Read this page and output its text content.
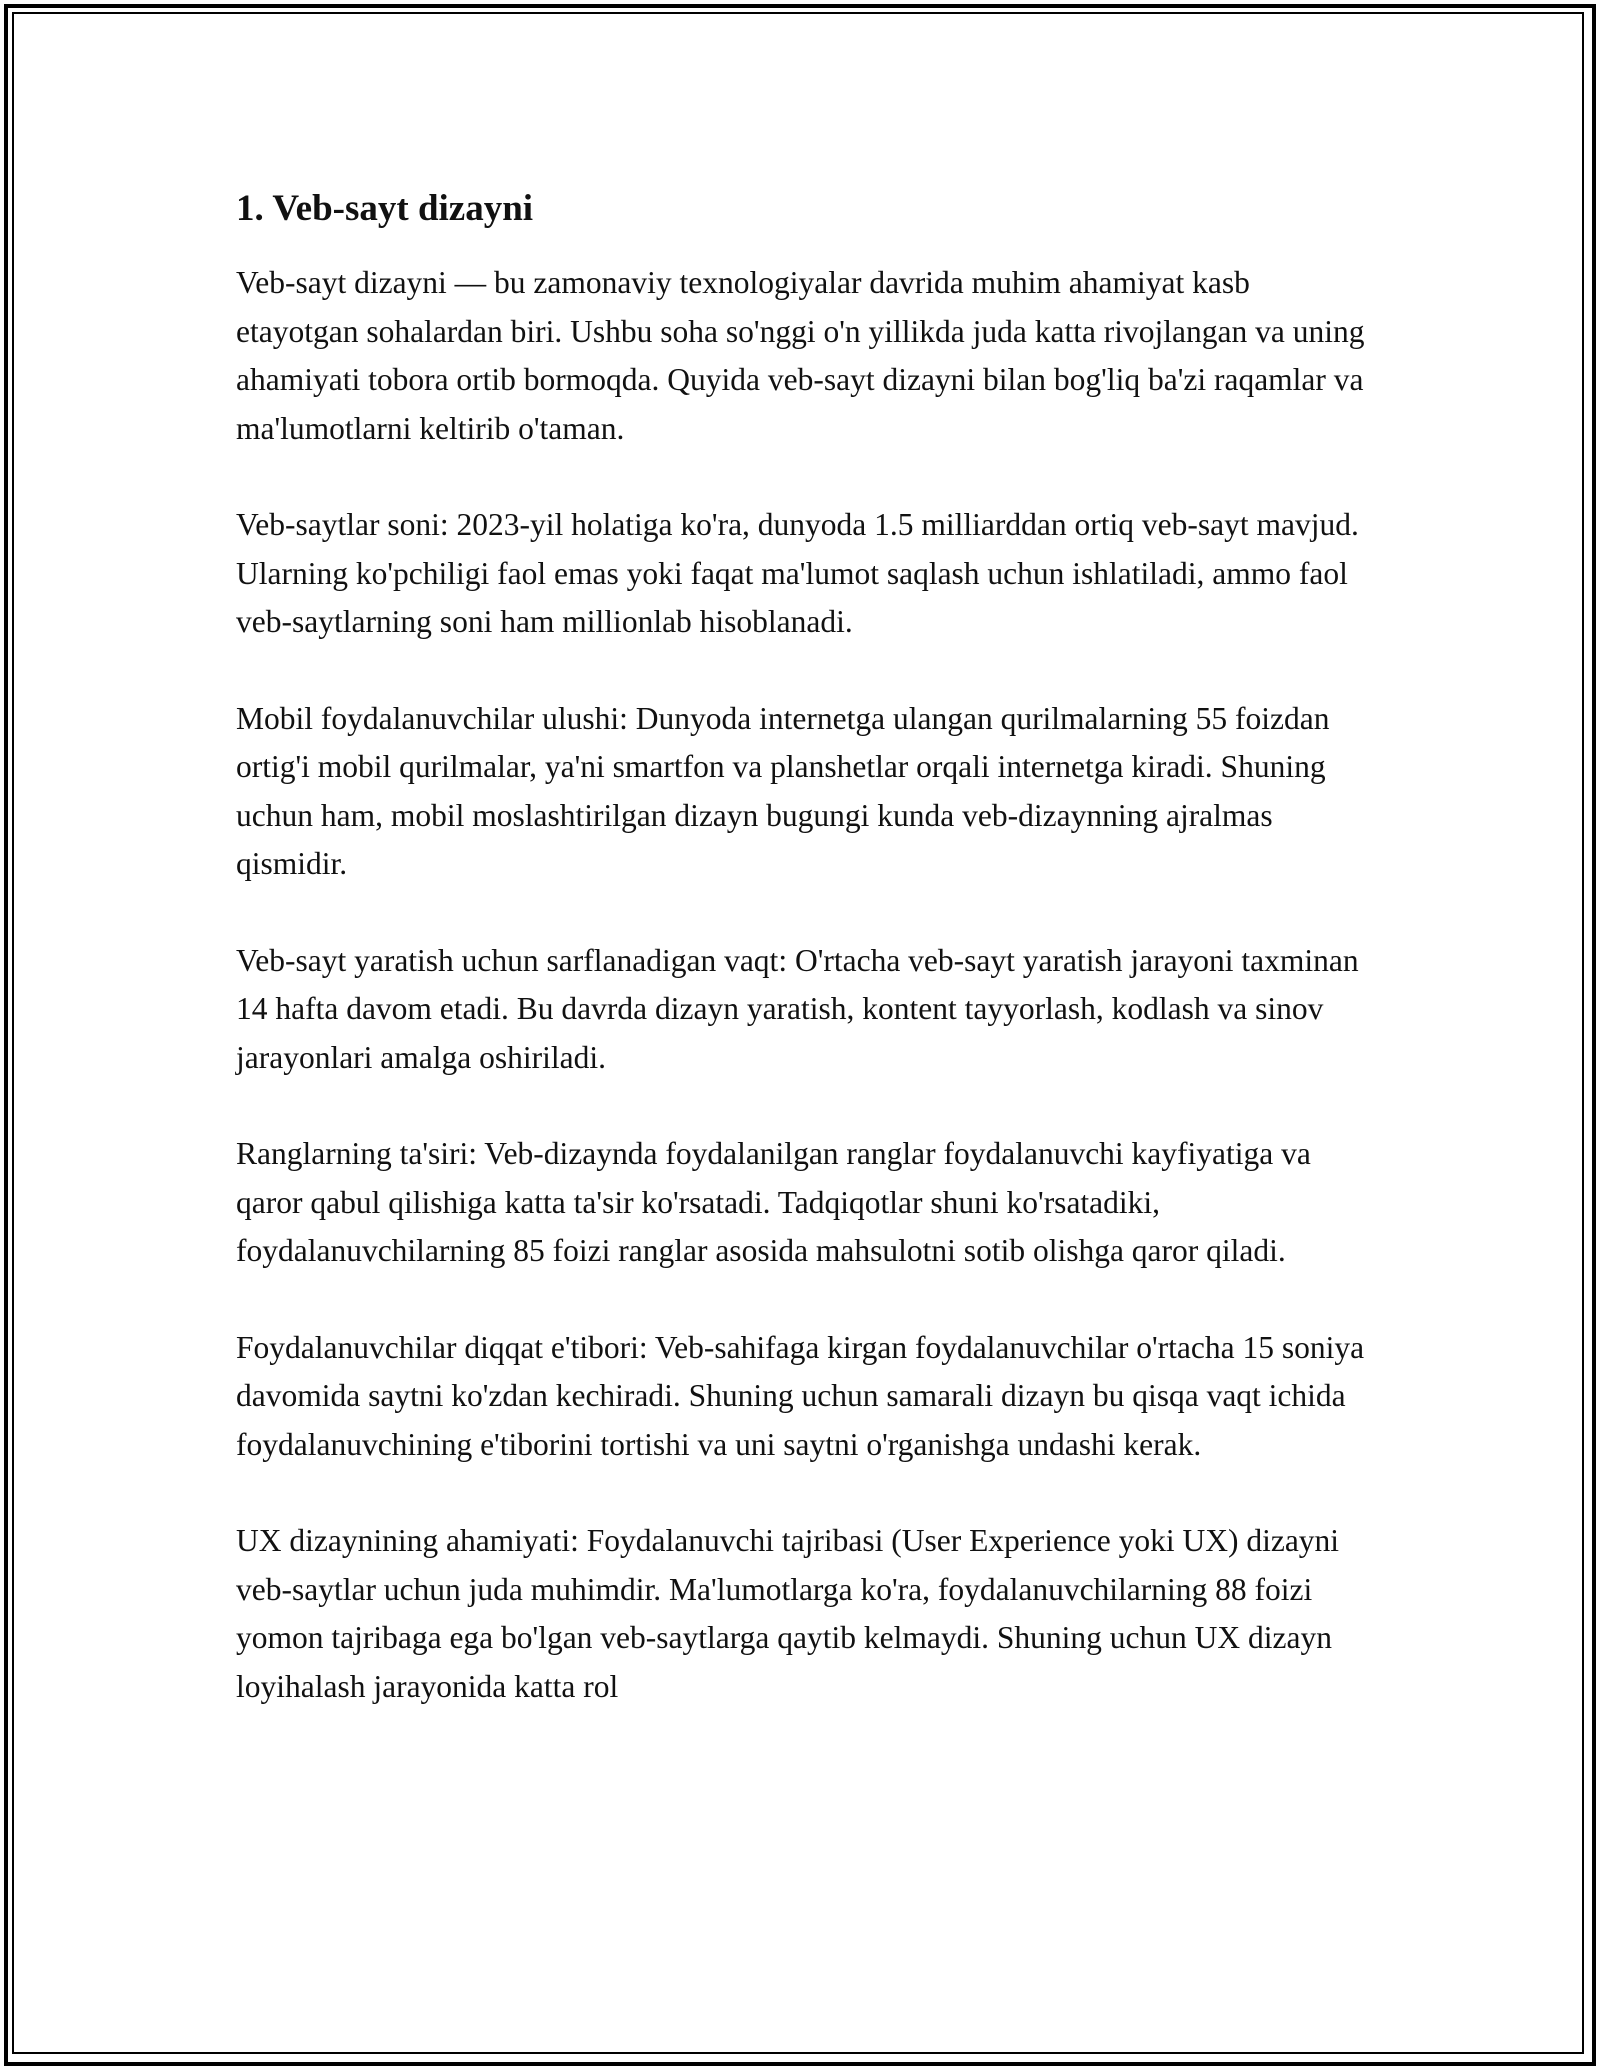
1. Veb-sayt dizayni

Veb-sayt dizayni — bu zamonaviy texnologiyalar davrida muhim ahamiyat kasb etayotgan sohalardan biri. Ushbu soha so'nggi o'n yillikda juda katta rivojlangan va uning ahamiyati tobora ortib bormoqda. Quyida veb-sayt dizayni bilan bog'liq ba'zi raqamlar va ma'lumotlarni keltirib o'taman.

Veb-saytlar soni: 2023-yil holatiga ko'ra, dunyoda 1.5 milliarddan ortiq veb-sayt mavjud. Ularning ko'pchiligi faol emas yoki faqat ma'lumot saqlash uchun ishlatiladi, ammo faol veb-saytlarning soni ham millionlab hisoblanadi.

Mobil foydalanuvchilar ulushi: Dunyoda internetga ulangan qurilmalarning 55 foizdan ortig'i mobil qurilmalar, ya'ni smartfon va planshetlar orqali internetga kiradi. Shuning uchun ham, mobil moslashtirilgan dizayn bugungi kunda veb-dizaynning ajralmas qismidir.

Veb-sayt yaratish uchun sarflanadigan vaqt: O'rtacha veb-sayt yaratish jarayoni taxminan 14 hafta davom etadi. Bu davrda dizayn yaratish, kontent tayyorlash, kodlash va sinov jarayonlari amalga oshiriladi.

Ranglarning ta'siri: Veb-dizaynda foydalanilgan ranglar foydalanuvchi kayfiyatiga va qaror qabul qilishiga katta ta'sir ko'rsatadi. Tadqiqotlar shuni ko'rsatadiki, foydalanuvchilarning 85 foizi ranglar asosida mahsulotni sotib olishga qaror qiladi.

Foydalanuvchilar diqqat e'tibori: Veb-sahifaga kirgan foydalanuvchilar o'rtacha 15 soniya davomida saytni ko'zdan kechiradi. Shuning uchun samarali dizayn bu qisqa vaqt ichida foydalanuvchining e'tiborini tortishi va uni saytni o'rganishga undashi kerak.

UX dizaynining ahamiyati: Foydalanuvchi tajribasi (User Experience yoki UX) dizayni veb-saytlar uchun juda muhimdir. Ma'lumotlarga ko'ra, foydalanuvchilarning 88 foizi yomon tajribaga ega bo'lgan veb-saytlarga qaytib kelmaydi. Shuning uchun UX dizayn loyihalash jarayonida katta rol
